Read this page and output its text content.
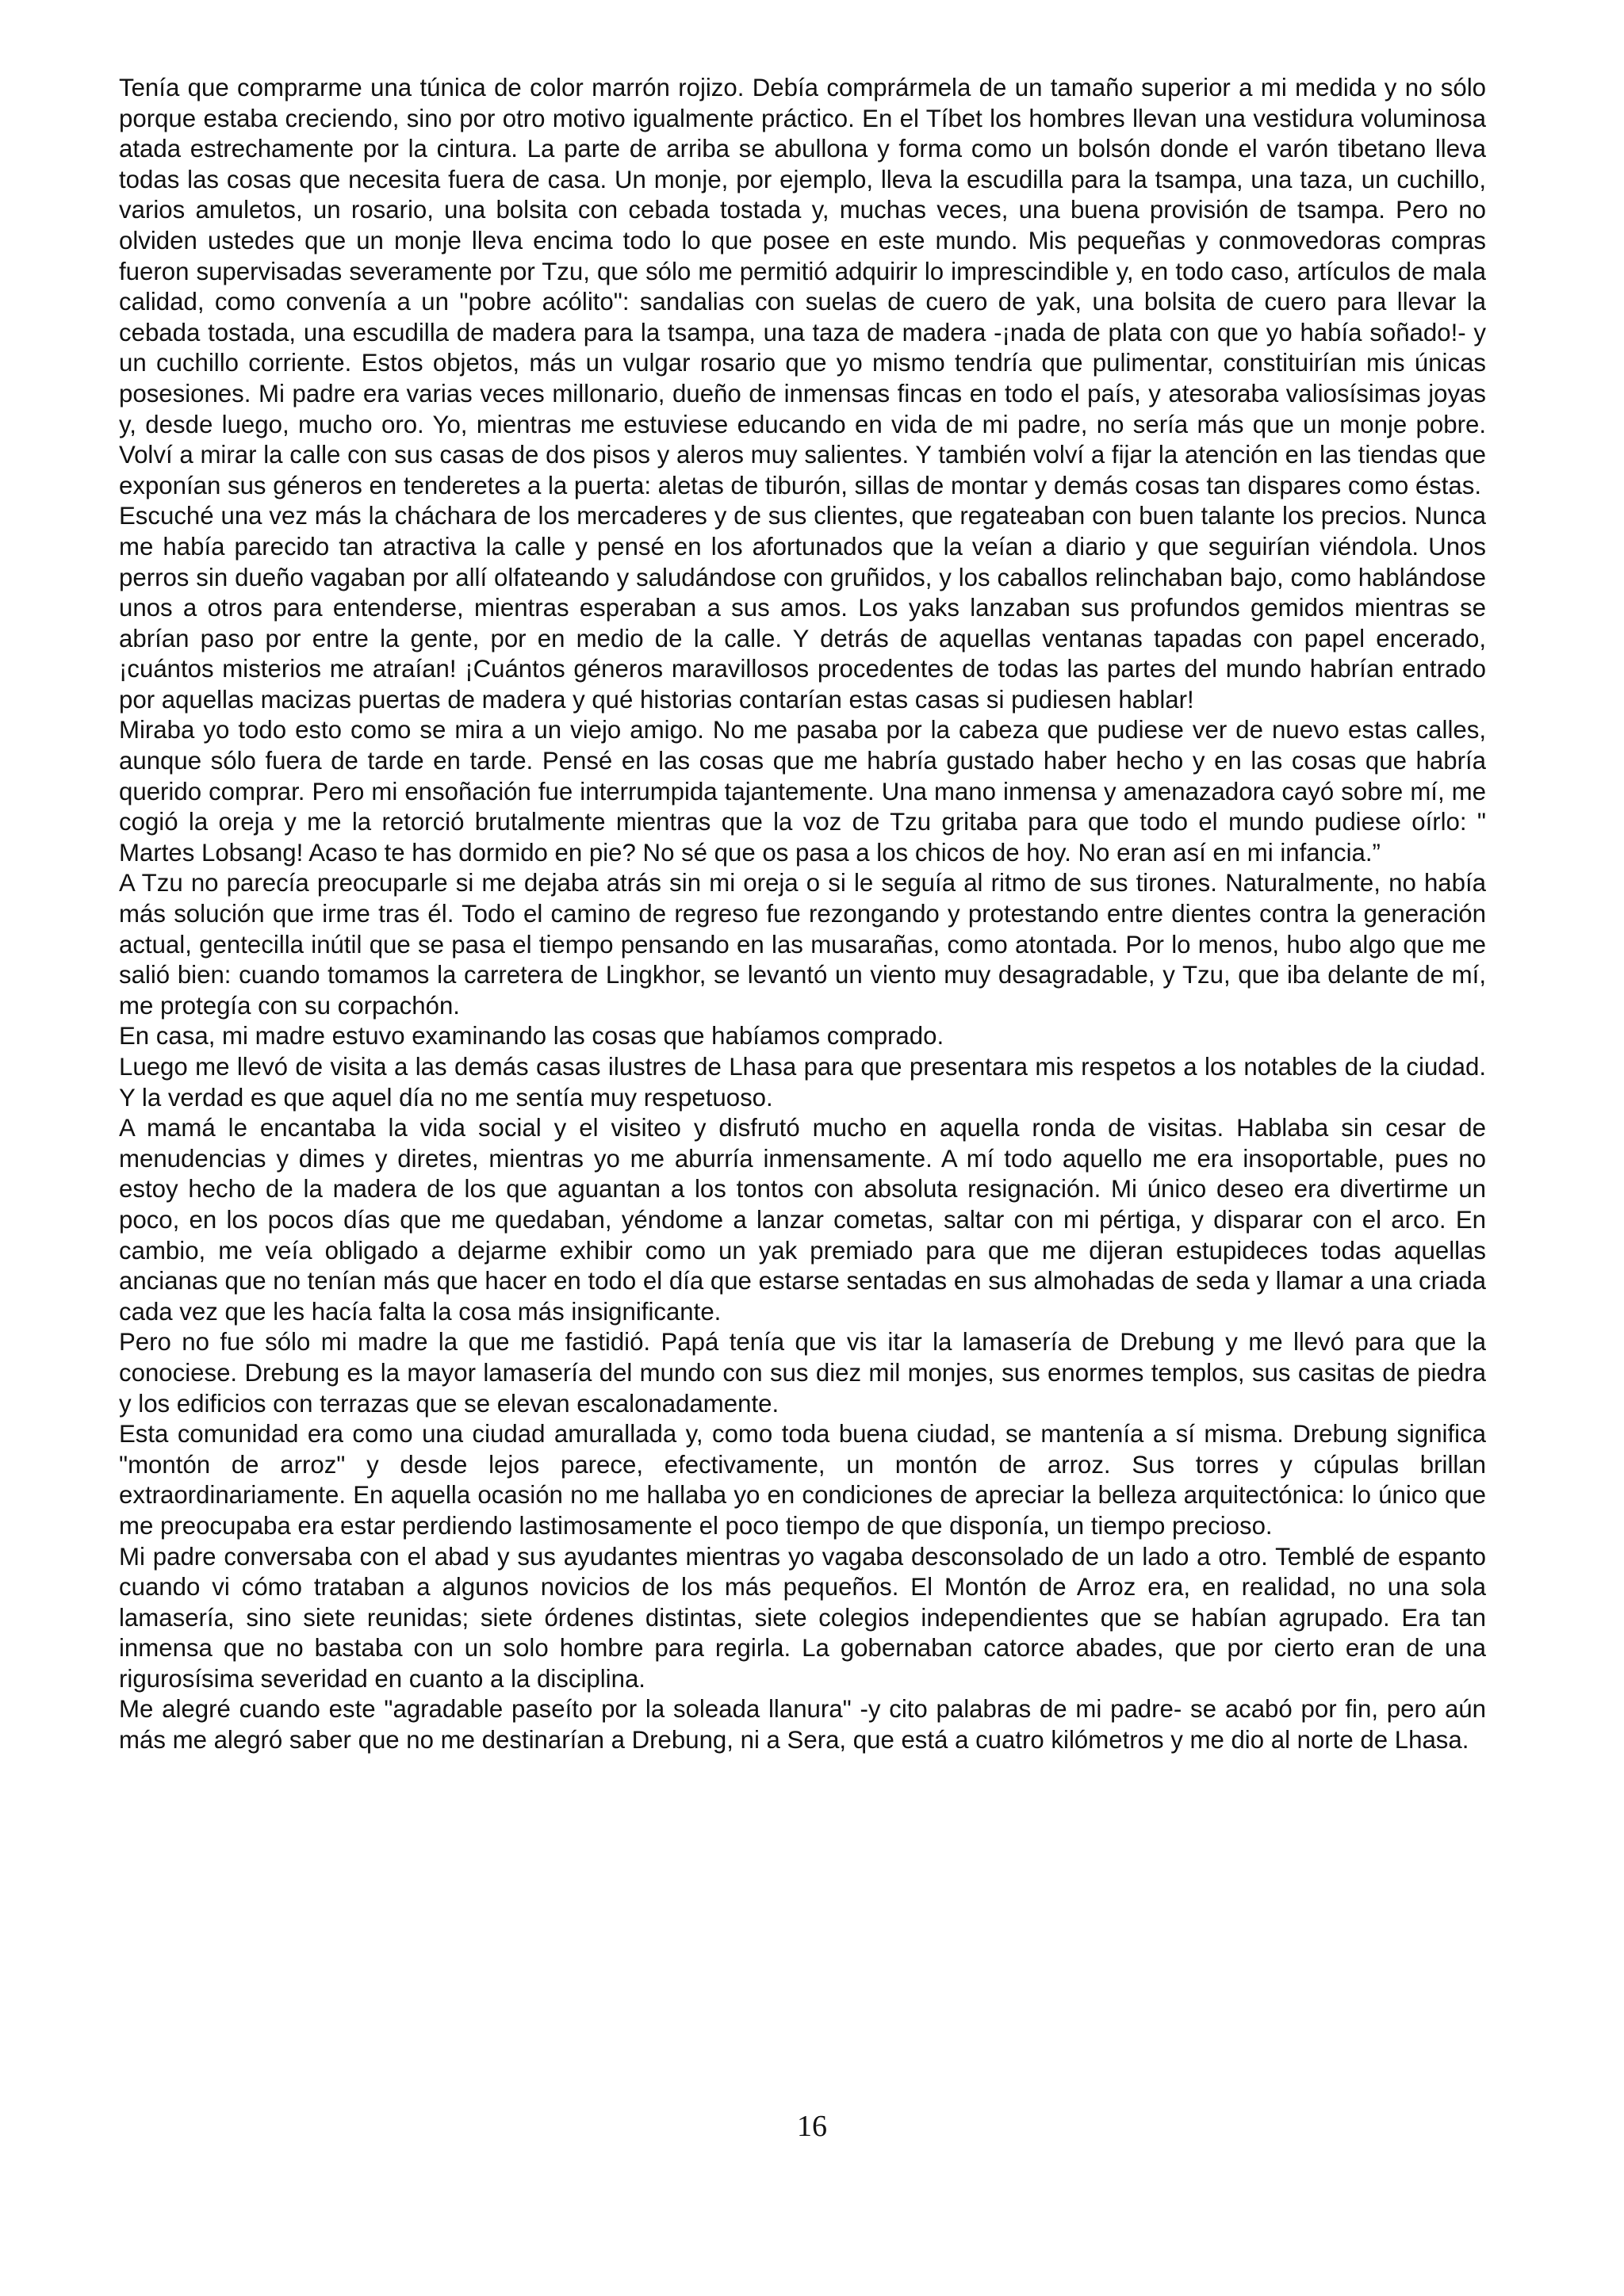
Tenía que comprarme una túnica de color marrón rojizo. Debía comprármela de un tamaño superior a mi medida y no sólo porque estaba creciendo, sino por otro motivo igualmente práctico. En el Tíbet los hombres llevan una vestidura voluminosa atada estrechamente por la cintura. La parte de arriba se abullona y forma como un bolsón donde el varón tibetano lleva todas las cosas que necesita fuera de casa. Un monje, por ejemplo, lleva la escudilla para la tsampa, una taza, un cuchillo, varios amuletos, un rosario, una bolsita con cebada tostada y, muchas veces, una buena provisión de tsampa. Pero no olviden ustedes que un monje lleva encima todo lo que posee en este mundo. Mis pequeñas y conmovedoras compras fueron supervisadas severamente por Tzu, que sólo me permitió adquirir lo imprescindible y, en todo caso, artículos de mala calidad, como convenía a un "pobre acólito": sandalias con suelas de cuero de yak, una bolsita de cuero para llevar la cebada tostada, una escudilla de madera para la tsampa, una taza de madera -¡nada de plata con que yo había soñado!- y un cuchillo corriente. Estos objetos, más un vulgar rosario que yo mismo tendría que pulimentar, constituirían mis únicas posesiones. Mi padre era varias veces millonario, dueño de inmensas fincas en todo el país, y atesoraba valiosísimas joyas y, desde luego, mucho oro. Yo, mientras me estuviese educando en vida de mi padre, no sería más que un monje pobre. Volví a mirar la calle con sus casas de dos pisos y aleros muy salientes. Y también volví a fijar la atención en las tiendas que exponían sus géneros en tenderetes a la puerta: aletas de tiburón, sillas de montar y demás cosas tan dispares como éstas.

Escuché una vez más la cháchara de los mercaderes y de sus clientes, que regateaban con buen talante los precios. Nunca me había parecido tan atractiva la calle y pensé en los afortunados que la veían a diario y que seguirían viéndola. Unos perros sin dueño vagaban por allí olfateando y saludándose con gruñidos, y los caballos relinchaban bajo, como hablándose unos a otros para entenderse, mientras esperaban a sus amos. Los yaks lanzaban sus profundos gemidos mientras se abrían paso por entre la gente, por en medio de la calle. Y detrás de aquellas ventanas tapadas con papel encerado, ¡cuántos misterios me atraían! ¡Cuántos géneros maravillosos procedentes de todas las partes del mundo habrían entrado por aquellas macizas puertas de madera y qué historias contarían estas casas si pudiesen hablar!

Miraba yo todo esto como se mira a un viejo amigo. No me pasaba por la cabeza que pudiese ver de nuevo estas calles, aunque sólo fuera de tarde en tarde. Pensé en las cosas que me habría gustado haber hecho y en las cosas que habría querido comprar. Pero mi ensoñación fue interrumpida tajantemente. Una mano inmensa y amenazadora cayó sobre mí, me cogió la oreja y me la retorció brutalmente mientras que la voz de Tzu gritaba para que todo el mundo pudiese oírlo: " Martes Lobsang! Acaso te has dormido en pie? No sé que os pasa a los chicos de hoy. No eran así en mi infancia.”

A Tzu no parecía preocuparle si me dejaba atrás sin mi oreja o si le seguía al ritmo de sus tirones. Naturalmente, no había más solución que irme tras él. Todo el camino de regreso fue rezongando y protestando entre dientes contra la generación actual, gentecilla inútil que se pasa el tiempo pensando en las musarañas, como atontada. Por lo menos, hubo algo que me salió bien: cuando tomamos la carretera de Lingkhor, se levantó un viento muy desagradable, y Tzu, que iba delante de mí, me protegía con su corpachón.

En casa, mi madre estuvo examinando las cosas que habíamos comprado.

Luego me llevó de visita a las demás casas ilustres de Lhasa para que presentara mis respetos a los notables de la ciudad. Y la verdad es que aquel día no me sentía muy respetuoso.

A mamá le encantaba la vida social y el visiteo y disfrutó mucho en aquella ronda de visitas. Hablaba sin cesar de menudencias y dimes y diretes, mientras yo me aburría inmensamente. A mí todo aquello me era insoportable, pues no estoy hecho de la madera de los que aguantan a los tontos con absoluta resignación. Mi único deseo era divertirme un poco, en los pocos días que me quedaban, yéndome a lanzar cometas, saltar con mi pértiga, y disparar con el arco. En cambio, me veía obligado a dejarme exhibir como un yak premiado para que me dijeran estupideces todas aquellas ancianas que no tenían más que hacer en todo el día que estarse sentadas en sus almohadas de seda y llamar a una criada cada vez que les hacía falta la cosa más insignificante.

Pero no fue sólo mi madre la que me fastidió. Papá tenía que vis itar la lamasería de Drebung y me llevó para que la conociese. Drebung es la mayor lamasería del mundo con sus diez mil monjes, sus enormes templos, sus casitas de piedra y los edificios con terrazas que se elevan escalonadamente.

Esta comunidad era como una ciudad amurallada y, como toda buena ciudad, se mantenía a sí misma. Drebung significa "montón de arroz" y desde lejos parece, efectivamente, un montón de arroz. Sus torres y cúpulas brillan extraordinariamente. En aquella ocasión no me hallaba yo en condiciones de apreciar la belleza arquitectónica: lo único que me preocupaba era estar perdiendo lastimosamente el poco tiempo de que disponía, un tiempo precioso.

Mi padre conversaba con el abad y sus ayudantes mientras yo vagaba desconsolado de un lado a otro. Temblé de espanto cuando vi cómo trataban a algunos novicios de los más pequeños. El Montón de Arroz era, en realidad, no una sola lamasería, sino siete reunidas; siete órdenes distintas, siete colegios independientes que se habían agrupado. Era tan inmensa que no bastaba con un solo hombre para regirla. La gobernaban catorce abades, que por cierto eran de una rigurosísima severidad en cuanto a la disciplina.

Me alegré cuando este "agradable paseíto por la soleada llanura" -y cito palabras de mi padre- se acabó por fin, pero aún más me alegró saber que no me destinarían a Drebung, ni a Sera, que está a cuatro kilómetros y me dio al norte de Lhasa.

16
